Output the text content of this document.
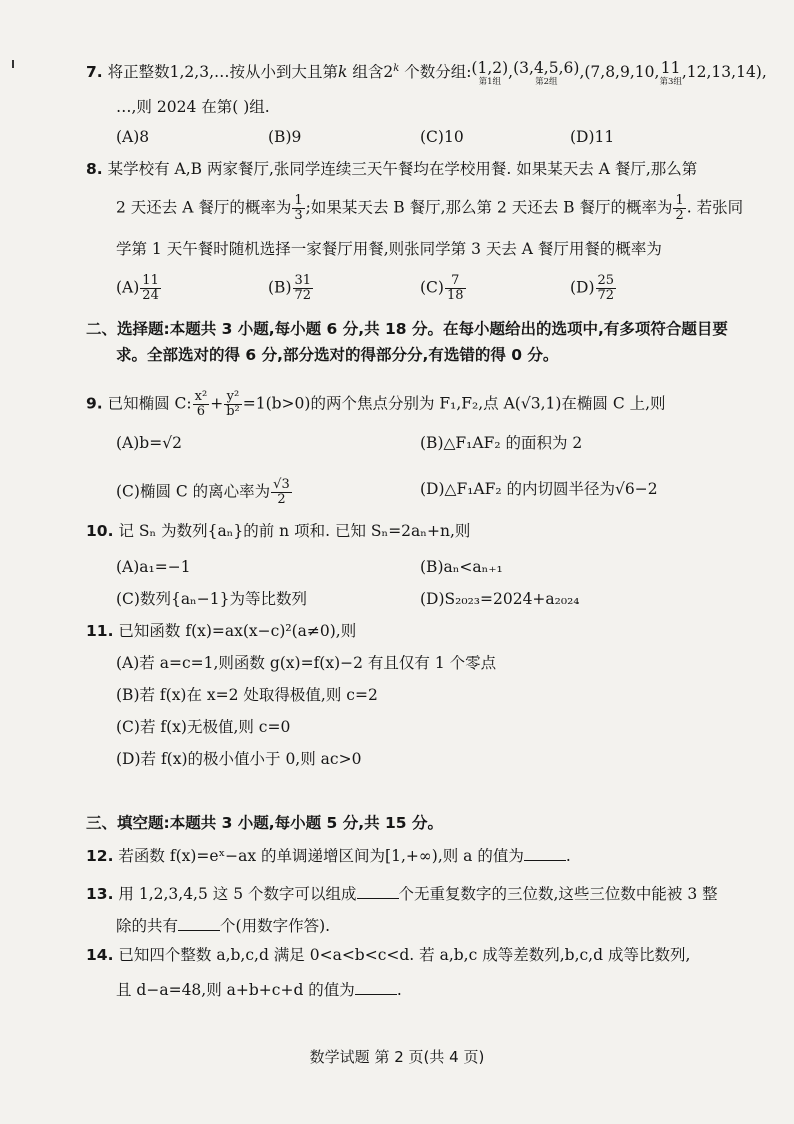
7. 将正整数1,2,3,…按从小到大且第k 组含2$^k$ 个数分组: (1,2)
第1组
, (3,4,5,6)
第2组
,(7,8,9,10, 11
第3组
,12,13,14),
…,则 2024 在第( )组.
(A)8	(B)9	(C)10	(D)11
8. 某学校有 A,B 两家餐厅,张同学连续三天午餐均在学校用餐. 如果某天去 A 餐厅,那么第
2 天还去 A 餐厅的概率为 $\frac{1}{3}$ ;如果某天去 B 餐厅,那么第 2 天还去 B 餐厅的概率为 $\frac{1}{2}$ . 若张同
学第 1 天午餐时随机选择一家餐厅用餐,则张同学第 3 天去 A 餐厅用餐的概率为
$(A) \frac{11}{24}$	$(B) \frac{31}{72}$	$(C) \frac{7}{18}$	$(D) \frac{25}{72}$
二、选择题:本题共 3 小题,每小题 6 分,共 18 分。在每小题给出的选项中,有多项符合题目要
求。全部选对的得 6 分,部分选对的得部分分,有选错的得 0 分。
9. 已知椭圆 C: $\frac{\text{x²}}{6} + \frac{\text{y²}}{\text{b²}} =1(b>0)$的两个焦点分别为 F₁,F₂,点 A(√3,1)在椭圆 C 上,则
(A)b=√2	(B)△F₁AF₂ 的面积为 2
(C)椭圆 C 的离心率为 $\frac{√3}{2}$	(D)△F₁AF₂ 的内切圆半径为√6−2
10. 记 Sₙ 为数列{aₙ}的前 n 项和. 已知 Sₙ=2aₙ+n,则
(A)a₁=−1	(B)aₙ<aₙ₊₁
(C)数列{aₙ−1}为等比数列	(D)S₂₀₂₃=2024+a₂₀₂₄
11. 已知函数 f(x)=ax(x−c)²(a≠0),则
(A)若 a=c=1,则函数 g(x)=f(x)−2 有且仅有 1 个零点
(B)若 f(x)在 x=2 处取得极值,则 c=2
(C)若 f(x)无极值,则 c=0
(D)若 f(x)的极小值小于 0,则 ac>0
三、填空题:本题共 3 小题,每小题 5 分,共 15 分。
12. 若函数 f(x)=eˣ−ax 的单调递增区间为[1,+∞),则 a 的值为	.
13. 用 1,2,3,4,5 这 5 个数字可以组成	个无重复数字的三位数,这些三位数中能被 3 整
除的共有	个(用数字作答).
14. 已知四个整数 a,b,c,d 满足 0<a<b<c<d. 若 a,b,c 成等差数列,b,c,d 成等比数列,
且 d−a=48,则 a+b+c+d 的值为	.
数学试题 第 2 页(共 4 页)
